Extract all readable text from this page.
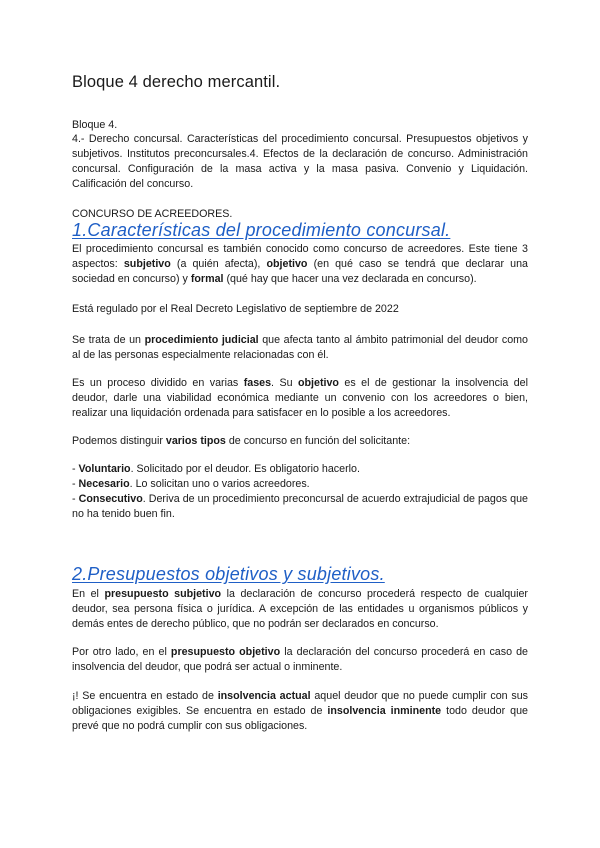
Bloque 4 derecho mercantil.

Bloque 4.

4.- Derecho concursal. Características del procedimiento concursal. Presupuestos objetivos y subjetivos. Institutos preconcursales.4. Efectos de la declaración de concurso. Administración concursal. Configuración de la masa activa y la masa pasiva. Convenio y Liquidación. Calificación del concurso.

CONCURSO DE ACREEDORES.

1.Características del procedimiento concursal.

El procedimiento concursal es también conocido como concurso de acreedores. Este tiene 3 aspectos: subjetivo (a quién afecta), objetivo (en qué caso se tendrá que declarar una sociedad en concurso) y formal (qué hay que hacer una vez declarada en concurso).

Está regulado por el Real Decreto Legislativo de septiembre de 2022

Se trata de un procedimiento judicial que afecta tanto al ámbito patrimonial del deudor como al de las personas especialmente relacionadas con él.

Es un proceso dividido en varias fases. Su objetivo es el de gestionar la insolvencia del deudor, darle una viabilidad económica mediante un convenio con los acreedores o bien, realizar una liquidación ordenada para satisfacer en lo posible a los acreedores.

Podemos distinguir varios tipos de concurso en función del solicitante:

- Voluntario. Solicitado por el deudor. Es obligatorio hacerlo.

- Necesario. Lo solicitan uno o varios acreedores.

- Consecutivo. Deriva de un procedimiento preconcursal de acuerdo extrajudicial de pagos que no ha tenido buen fin.

2.Presupuestos objetivos y subjetivos.

En el presupuesto subjetivo la declaración de concurso procederá respecto de cualquier deudor, sea persona física o jurídica. A excepción de las entidades u organismos públicos y demás entes de derecho público, que no podrán ser declarados en concurso.

Por otro lado, en el presupuesto objetivo la declaración del concurso procederá en caso de insolvencia del deudor, que podrá ser actual o inminente.

¡! Se encuentra en estado de insolvencia actual aquel deudor que no puede cumplir con sus obligaciones exigibles. Se encuentra en estado de insolvencia inminente todo deudor que prevé que no podrá cumplir con sus obligaciones.
